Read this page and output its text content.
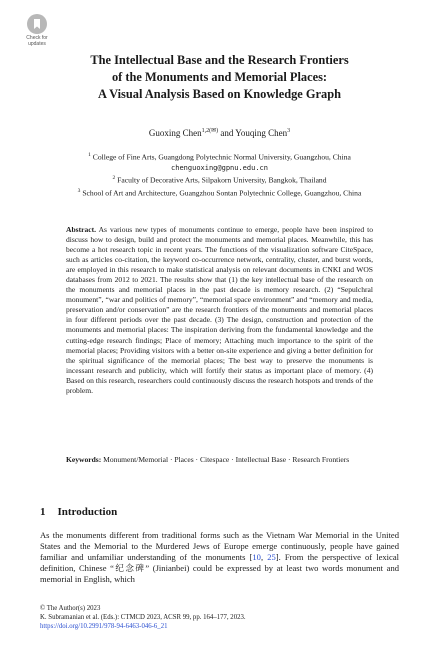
Check for
updates
The Intellectual Base and the Research Frontiers
of the Monuments and Memorial Places:
A Visual Analysis Based on Knowledge Graph
Guoxing Chen$^{1,2(✉)}$ and Youqing Chen$^3$
$^1$ College of Fine Arts, Guangdong Polytechnic Normal University, Guangzhou, China
chenguoxing@gpnu.edu.cn
$^2$ Faculty of Decorative Arts, Silpakorn University, Bangkok, Thailand
$^3$ School of Art and Architecture, Guangzhou Sontan Polytechnic College, Guangzhou, China

Abstract. As various new types of monuments continue to emerge, people have been inspired to discuss how to design, build and protect the monuments and memorial places. Meanwhile, this has become a hot research topic in recent years. The functions of the visualization software CiteSpace, such as articles co-citation, the keyword co-occurrence network, centrality, cluster, and burst words, are employed in this research to make statistical analysis on relevant documents in CNKI and WOS databases from 2012 to 2021. The results show that (1) the key intellectual base of the research on the monuments and memorial places in the past decade is memory research. (2) “Sepulchral monument”, “war and politics of memory”, “memorial space environment” and “memory and media, preservation and/or conservation” are the research frontiers of the monuments and memorial places in four different periods over the past decade. (3) The design, construction and protection of the monuments and memorial places: The inspiration deriving from the fundamental knowledge and the cutting-edge research findings; Place of memory; Attaching much importance to the spirit of the memorial places; Providing visitors with a better on-site experience and giving a better definition for the spiritual significance of the memorial places; The best way to preserve the monuments is incessant research and publicity, which will fortify their status as important place of memory. (4) Based on this research, researchers could continuously discuss the research hotspots and trends of the problem.

Keywords: Monument/Memorial · Places · Citespace · Intellectual Base · Research Frontiers

1 Introduction

As the monuments different from traditional forms such as the Vietnam War Memorial in the United States and the Memorial to the Murdered Jews of Europe emerge continuously, people have gained familiar and unfamiliar understanding of the monuments [10, 25]. From the perspective of lexical definition, Chinese “纪念碑” (Jinianbei) could be expressed by at least two words monument and memorial in English, which

© The Author(s) 2023
K. Subramanian et al. (Eds.): CTMCD 2023, ACSR 99, pp. 164–177, 2023.
https://doi.org/10.2991/978-94-6463-046-6_21
